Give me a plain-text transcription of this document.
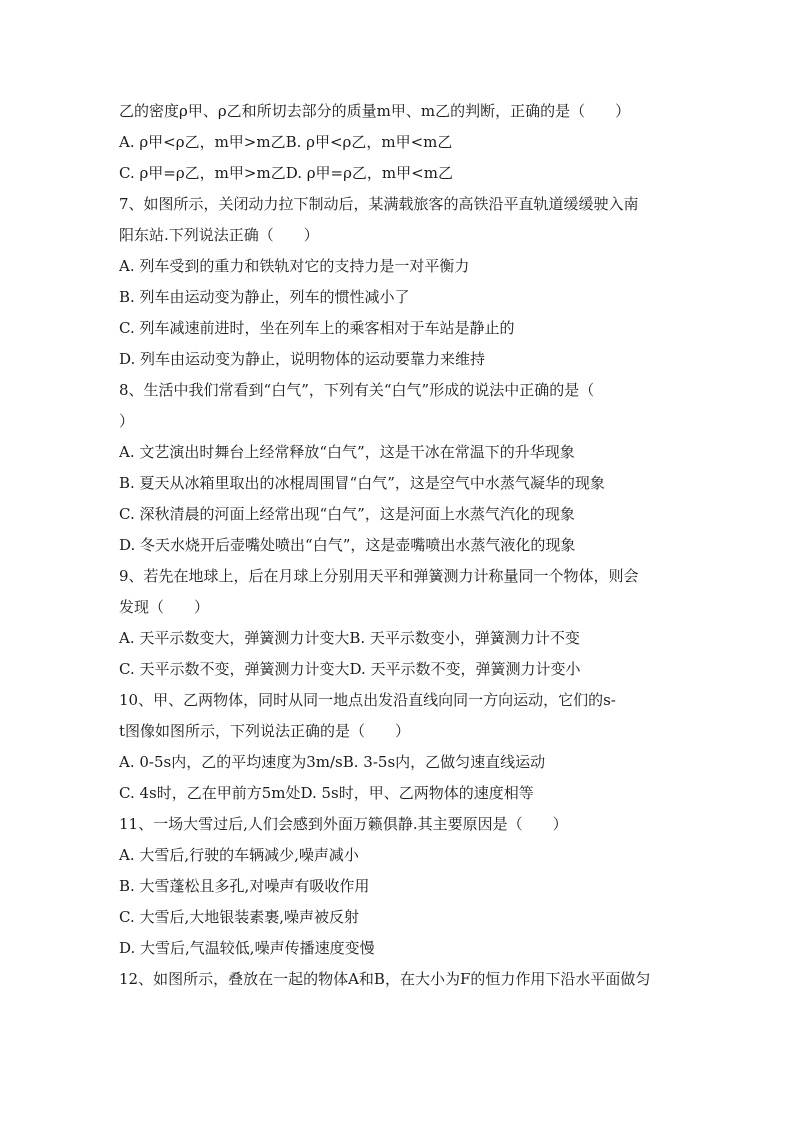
乙的密度ρ甲、ρ乙和所切去部分的质量m甲、m乙的判断，正确的是（　　）
A. ρ甲<ρ乙，m甲>m乙B. ρ甲<ρ乙，m甲<m乙
C. ρ甲=ρ乙，m甲>m乙D. ρ甲=ρ乙，m甲<m乙
7、如图所示，关闭动力拉下制动后，某满载旅客的高铁沿平直轨道缓缓驶入南
阳东站.下列说法正确（　　）
A. 列车受到的重力和铁轨对它的支持力是一对平衡力
B. 列车由运动变为静止，列车的惯性减小了
C. 列车减速前进时，坐在列车上的乘客相对于车站是静止的
D. 列车由运动变为静止，说明物体的运动要靠力来维持
8、生活中我们常看到“白气”，下列有关“白气”形成的说法中正确的是（
）
A. 文艺演出时舞台上经常释放“白气”，这是干冰在常温下的升华现象
B. 夏天从冰箱里取出的冰棍周围冒“白气”，这是空气中水蒸气凝华的现象
C. 深秋清晨的河面上经常出现“白气”，这是河面上水蒸气汽化的现象
D. 冬天水烧开后壶嘴处喷出“白气”，这是壶嘴喷出水蒸气液化的现象
9、若先在地球上，后在月球上分别用天平和弹簧测力计称量同一个物体，则会
发现（　　）
A. 天平示数变大，弹簧测力计变大B. 天平示数变小，弹簧测力计不变
C. 天平示数不变，弹簧测力计变大D. 天平示数不变，弹簧测力计变小
10、甲、乙两物体，同时从同一地点出发沿直线向同一方向运动，它们的s-
t图像如图所示，下列说法正确的是（　　）
A. 0-5s内，乙的平均速度为3m/sB. 3-5s内，乙做匀速直线运动
C. 4s时，乙在甲前方5m处D. 5s时，甲、乙两物体的速度相等
11、一场大雪过后,人们会感到外面万籁俱静.其主要原因是（　　）
A. 大雪后,行驶的车辆减少,噪声减小
B. 大雪蓬松且多孔,对噪声有吸收作用
C. 大雪后,大地银装素裹,噪声被反射
D. 大雪后,气温较低,噪声传播速度变慢
12、如图所示，叠放在一起的物体A和B，在大小为F的恒力作用下沿水平面做匀
